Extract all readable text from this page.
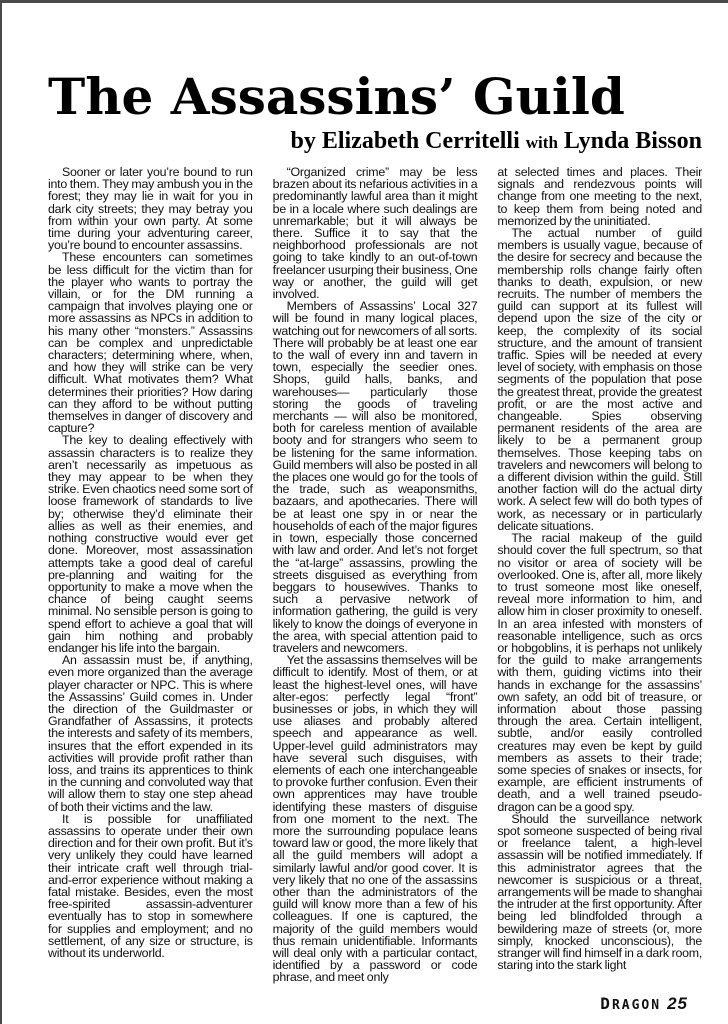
The Assassins’ Guild
by Elizabeth Cerritelli with Lynda Bisson

Sooner or later you’re bound to run into them. They may ambush you in the forest; they may lie in wait for you in dark city streets; they may betray you from within your own party. At some time during your adventuring career, you’re bound to encounter assassins.

These encounters can sometimes be less difficult for the victim than for the player who wants to portray the villain, or for the DM running a campaign that involves playing one or more assassins as NPCs in addition to his many other “monsters.” Assassins can be complex and unpredictable characters; determining where, when, and how they will strike can be very difficult. What motivates them? What determines their priorities? How daring can they afford to be without putting themselves in danger of discovery and capture?

The key to dealing effectively with assassin characters is to realize they aren’t necessarily as impetuous as they may appear to be when they strike. Even chaotics need some sort of loose framework of standards to live by; otherwise they’d eliminate their allies as well as their enemies, and nothing constructive would ever get done. Moreover, most assassination attempts take a good deal of careful pre-planning and waiting for the opportunity to make a move when the chance of being caught seems minimal. No sensible person is going to spend effort to achieve a goal that will gain him nothing and probably endanger his life into the bargain.

An assassin must be, if anything, even more organized than the average player character or NPC. This is where the Assassins’ Guild comes in. Under the direction of the Guildmaster or Grandfather of Assassins, it protects the interests and safety of its members, insures that the effort expended in its activities will provide profit rather than loss, and trains its apprentices to think in the cunning and convoluted way that will allow them to stay one step ahead of both their victims and the law.

It is possible for unaffiliated assassins to operate under their own direction and for their own profit. But it’s very unlikely they could have learned their intricate craft well through trial-and-error experience without making a fatal mistake. Besides, even the most free-spirited assassin-adventurer eventually has to stop in somewhere for supplies and employment; and no settlement, of any size or structure, is without its underworld.

“Organized crime” may be less brazen about its nefarious activities in a predominantly lawful area than it might be in a locale where such dealings are unremarkable; but it will always be there. Suffice it to say that the neighborhood professionals are not going to take kindly to an out-of-town freelancer usurping their business, One way or another, the guild will get involved.

Members of Assassins’ Local 327 will be found in many logical places, watching out for newcomers of all sorts. There will probably be at least one ear to the wall of every inn and tavern in town, especially the seedier ones. Shops, guild halls, banks, and warehouses— particularly those storing the goods of traveling merchants — will also be monitored, both for careless mention of available booty and for strangers who seem to be listening for the same information. Guild members will also be posted in all the places one would go for the tools of the trade, such as weaponsmiths, bazaars, and apothecaries. There will be at least one spy in or near the households of each of the major figures in town, especially those concerned with law and order. And let’s not forget the “at-large” assassins, prowling the streets disguised as everything from beggars to housewives. Thanks to such a pervasive network of information gathering, the guild is very likely to know the doings of everyone in the area, with special attention paid to travelers and newcomers.

Yet the assassins themselves will be difficult to identify. Most of them, or at least the highest-level ones, will have alter-egos: perfectly legal “front” businesses or jobs, in which they will use aliases and probably altered speech and appearance as well. Upper-level guild administrators may have several such disguises, with elements of each one interchangeable to provoke further confusion. Even their own apprentices may have trouble identifying these masters of disguise from one moment to the next. The more the surrounding populace leans toward law or good, the more likely that all the guild members will adopt a similarly lawful and/or good cover. It is very likely that no one of the assassins other than the administrators of the guild will know more than a few of his colleagues. If one is captured, the majority of the guild members would thus remain unidentifiable. Informants will deal only with a particular contact, identified by a password or code phrase, and meet only

at selected times and places. Their signals and rendezvous points will change from one meeting to the next, to keep them from being noted and memorized by the uninitiated.

The actual number of guild members is usually vague, because of the desire for secrecy and because the membership rolls change fairly often thanks to death, expulsion, or new recruits. The number of members the guild can support at its fullest will depend upon the size of the city or keep, the complexity of its social structure, and the amount of transient traffic. Spies will be needed at every level of society, with emphasis on those segments of the population that pose the greatest threat, provide the greatest profit, or are the most active and changeable. Spies observing permanent residents of the area are likely to be a permanent group themselves. Those keeping tabs on travelers and newcomers will belong to a different division within the guild. Still another faction will do the actual dirty work. A select few will do both types of work, as necessary or in particularly delicate situations.

The racial makeup of the guild should cover the full spectrum, so that no visitor or area of society will be overlooked. One is, after all, more likely to trust someone most like oneself, reveal more information to him, and allow him in closer proximity to oneself. In an area infested with monsters of reasonable intelligence, such as orcs or hobgoblins, it is perhaps not unlikely for the guild to make arrangements with them, guiding victims into their hands in exchange for the assassins’ own safety, an odd bit of treasure, or information about those passing through the area. Certain intelligent, subtle, and/or easily controlled creatures may even be kept by guild members as assets to their trade; some species of snakes or insects, for example, are efficient instruments of death, and a well trained pseudo-dragon can be a good spy.

Should the surveillance network spot someone suspected of being rival or freelance talent, a high-level assassin will be notified immediately. If this administrator agrees that the newcomer is suspicious or a threat, arrangements will be made to shanghai the intruder at the first opportunity. After being led blindfolded through a bewildering maze of streets (or, more simply, knocked unconscious), the stranger will find himself in a dark room, staring into the stark light

DRAGON 25
